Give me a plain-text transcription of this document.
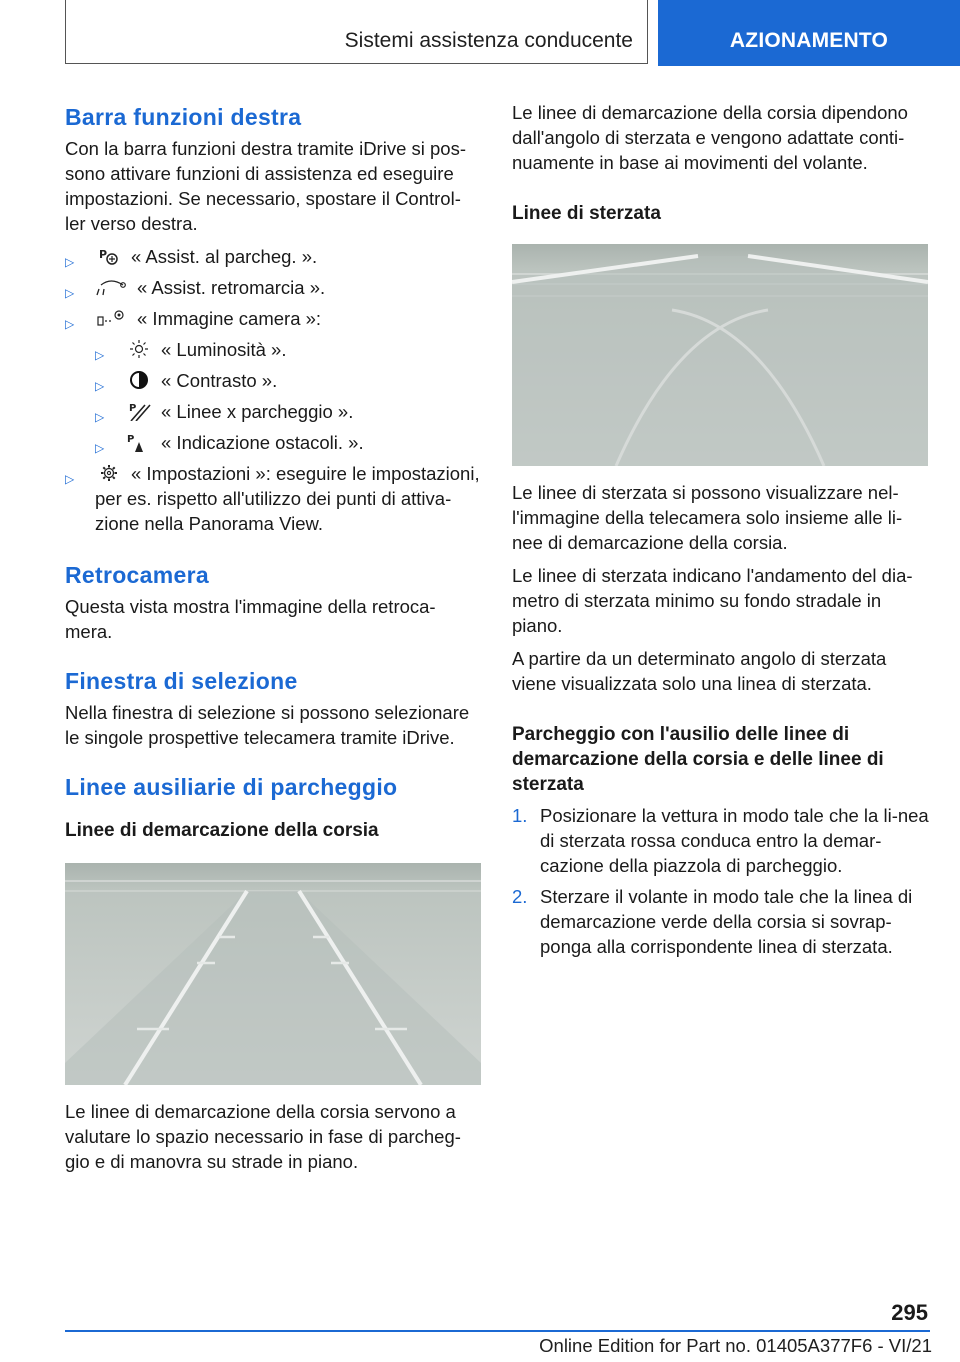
Sistemi assistenza conducente	AZIONAMENTO
Barra funzioni destra

Con la barra funzioni destra tramite iDrive si pos-sono attivare funzioni di assistenza ed eseguire impostazioni. Se necessario, spostare il Control-ler verso destra.

▷
P « Assist. al parcheg. ».
▷	« Assist. retromarcia ».
▷	« Immagine camera »:
▷	« Luminosità ».
▷	« Contrasto ».
▷
P « Linee x parcheggio ».
▷
P « Indicazione ostacoli. ».
▷	« Impostazioni »: eseguire le impostazioni, per es. rispetto all'utilizzo dei punti di attiva-zione nella Panorama View.
Retrocamera

Questa vista mostra l'immagine della retroca-mera.

Finestra di selezione

Nella finestra di selezione si possono selezionare le singole prospettive telecamera tramite iDrive.

Linee ausiliarie di parcheggio
Linee di demarcazione della corsia

Le linee di demarcazione della corsia servono a valutare lo spazio necessario in fase di parcheg-gio e di manovra su strade in piano.

Le linee di demarcazione della corsia dipendono dall'angolo di sterzata e vengono adattate conti-nuamente in base ai movimenti del volante.

Linee di sterzata

Le linee di sterzata si possono visualizzare nel-l'immagine della telecamera solo insieme alle li-nee di demarcazione della corsia.

Le linee di sterzata indicano l'andamento del dia-metro di sterzata minimo su fondo stradale in piano.

A partire da un determinato angolo di sterzata viene visualizzata solo una linea di sterzata.

Parcheggio con l'ausilio delle linee di demarcazione della corsia e delle linee di sterzata
1. Posizionare la vettura in modo tale che la li-nea di sterzata rossa conduca entro la demar-cazione della piazzola di parcheggio.
2. Sterzare il volante in modo tale che la linea di demarcazione verde della corsia si sovrap-ponga alla corrispondente linea di sterzata.
295
Online Edition for Part no. 01405A377F6 - VI/21
